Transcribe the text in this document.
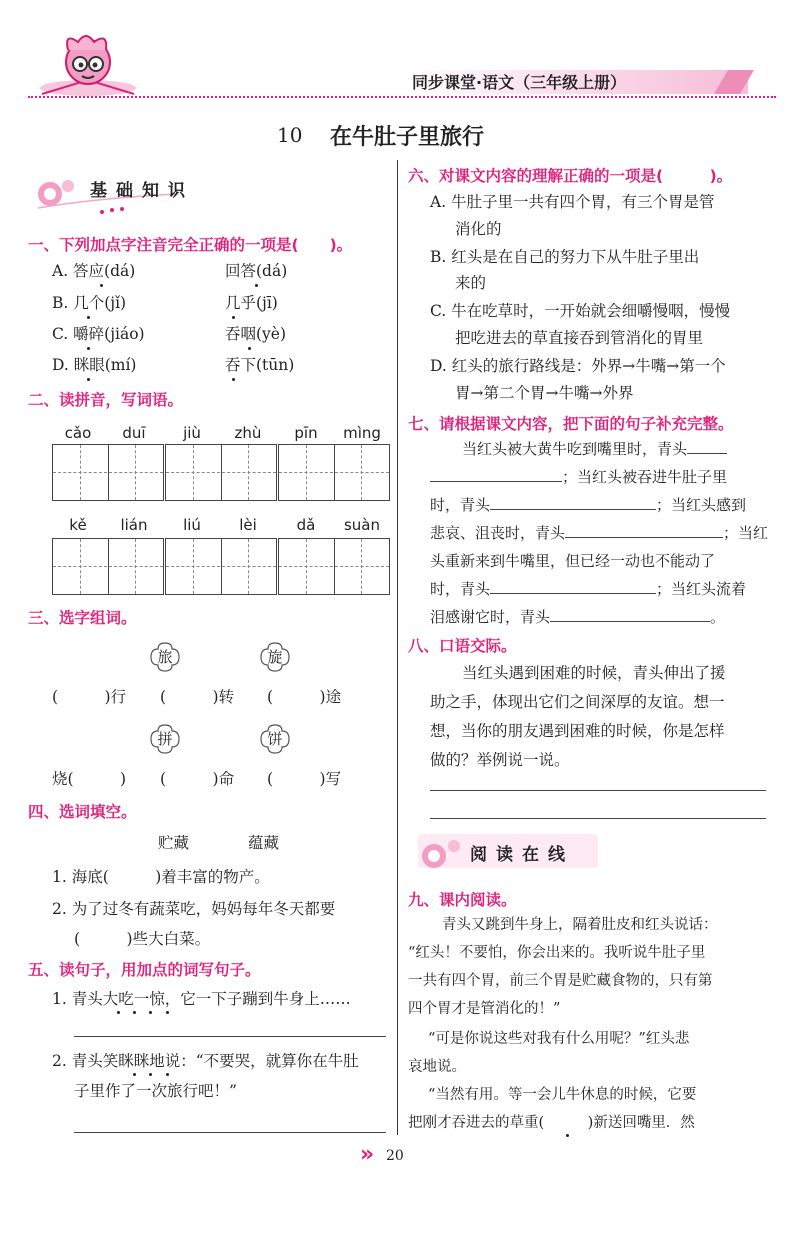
同步课堂·语文（三年级上册）
10 在牛肚子里旅行
基础知识
一、下列加点字注音完全正确的一项是(　　)。
A. 答应(dá)	回答(dá)
B. 几个(jǐ)	几乎(jī)
C. 嚼碎(jiáo)	吞咽(yè)
D. 眯眼(mí)	吞下(tūn)
二、读拼音，写词语。
cǎo	duī	jiù	zhù	pīn	mìng
kě	lián	liú	lèi	dǎ	suàn
三、选字组词。
旅	旋
(　　　)行 (　　　)转 (　　　)途
拼	饼
烧(　　　) (　　　)命 (　　　)写
四、选词填空。
贮藏	蕴藏
1. 海底(　　　)着丰富的物产。
2. 为了过冬有蔬菜吃，妈妈每年冬天都要
(　　　)些大白菜。
五、读句子，用加点的词写句子。
1. 青头大吃一惊，它一下子蹦到牛身上……
2. 青头笑眯眯地说：“不要哭，就算你在牛肚
子里作了一次旅行吧！”
六、对课文内容的理解正确的一项是(　　　)。
A. 牛肚子里一共有四个胃，有三个胃是管
消化的
B. 红头是在自己的努力下从牛肚子里出
来的
C. 牛在吃草时，一开始就会细嚼慢咽，慢慢
把吃进去的草直接吞到管消化的胃里
D. 红头的旅行路线是：外界→牛嘴→第一个
胃→第二个胃→牛嘴→外界
七、请根据课文内容，把下面的句子补充完整。
当红头被大黄牛吃到嘴里时，青头
；当红头被吞进牛肚子里
时，青头	；当红头感到
悲哀、沮丧时，青头	；当红
头重新来到牛嘴里，但已经一动也不能动了
时，青头	；当红头流着
泪感谢它时，青头	。
八、口语交际。
当红头遇到困难的时候，青头伸出了援
助之手，体现出它们之间深厚的友谊。想一
想，当你的朋友遇到困难的时候，你是怎样
做的？举例说一说。
阅读在线
九、课内阅读。
青头又跳到牛身上，隔着肚皮和红头说话：
“红头！不要怕，你会出来的。我听说牛肚子里
一共有四个胃，前三个胃是贮藏食物的，只有第
四个胃才是管消化的！”
“可是你说这些对我有什么用呢？”红头悲
哀地说。
“当然有用。等一会儿牛休息的时候，它要
把刚才吞进去的草重(　　　)新送回嘴里．然
» 20
